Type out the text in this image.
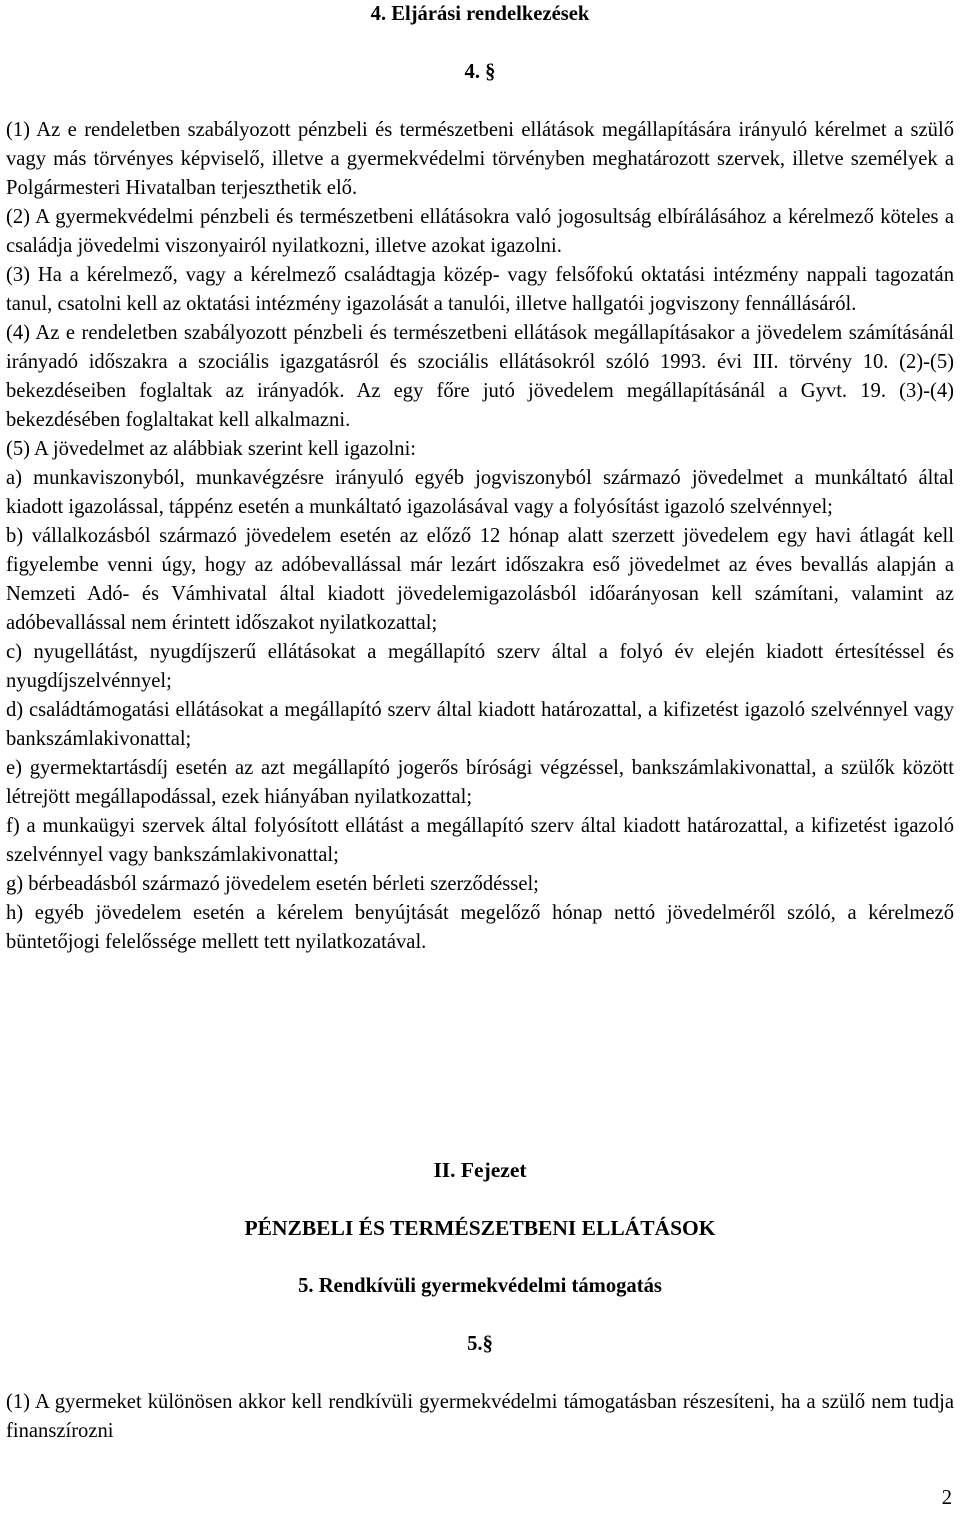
4. Eljárási rendelkezések
4. §

(1) Az e rendeletben szabályozott pénzbeli és természetbeni ellátások megállapítására irányuló kérelmet a szülő vagy más törvényes képviselő, illetve a gyermekvédelmi törvényben meghatározott szervek, illetve személyek a Polgármesteri Hivatalban terjeszthetik elő.

(2) A gyermekvédelmi pénzbeli és természetbeni ellátásokra való jogosultság elbírálásához a kérelmező köteles a családja jövedelmi viszonyairól nyilatkozni, illetve azokat igazolni.

(3) Ha a kérelmező, vagy a kérelmező családtagja közép- vagy felsőfokú oktatási intézmény nappali tagozatán tanul, csatolni kell az oktatási intézmény igazolását a tanulói, illetve hallgatói jogviszony fennállásáról.

(4) Az e rendeletben szabályozott pénzbeli és természetbeni ellátások megállapításakor a jövedelem számításánál irányadó időszakra a szociális igazgatásról és szociális ellátásokról szóló 1993. évi III. törvény 10. (2)-(5) bekezdéseiben foglaltak az irányadók. Az egy főre jutó jövedelem megállapításánál a Gyvt. 19. (3)-(4) bekezdésében foglaltakat kell alkalmazni.

(5) A jövedelmet az alábbiak szerint kell igazolni:

a) munkaviszonyból, munkavégzésre irányuló egyéb jogviszonyból származó jövedelmet a munkáltató által kiadott igazolással, táppénz esetén a munkáltató igazolásával vagy a folyósítást igazoló szelvénnyel;

b) vállalkozásból származó jövedelem esetén az előző 12 hónap alatt szerzett jövedelem egy havi átlagát kell figyelembe venni úgy, hogy az adóbevallással már lezárt időszakra eső jövedelmet az éves bevallás alapján a Nemzeti Adó- és Vámhivatal által kiadott jövedelemigazolásból időarányosan kell számítani, valamint az adóbevallással nem érintett időszakot nyilatkozattal;

c) nyugellátást, nyugdíjszerű ellátásokat a megállapító szerv által a folyó év elején kiadott értesítéssel és nyugdíjszelvénnyel;

d) családtámogatási ellátásokat a megállapító szerv által kiadott határozattal, a kifizetést igazoló szelvénnyel vagy bankszámlakivonattal;

e) gyermektartásdíj esetén az azt megállapító jogerős bírósági végzéssel, bankszámlakivonattal, a szülők között létrejött megállapodással, ezek hiányában nyilatkozattal;

f) a munkaügyi szervek által folyósított ellátást a megállapító szerv által kiadott határozattal, a kifizetést igazoló szelvénnyel vagy bankszámlakivonattal;

g) bérbeadásból származó jövedelem esetén bérleti szerződéssel;

h) egyéb jövedelem esetén a kérelem benyújtását megelőző hónap nettó jövedelméről szóló, a kérelmező büntetőjogi felelőssége mellett tett nyilatkozatával.

II. Fejezet
PÉNZBELI ÉS TERMÉSZETBENI ELLÁTÁSOK
5. Rendkívüli gyermekvédelmi támogatás
5.§

(1) A gyermeket különösen akkor kell rendkívüli gyermekvédelmi támogatásban részesíteni, ha a szülő nem tudja finanszírozni

2
